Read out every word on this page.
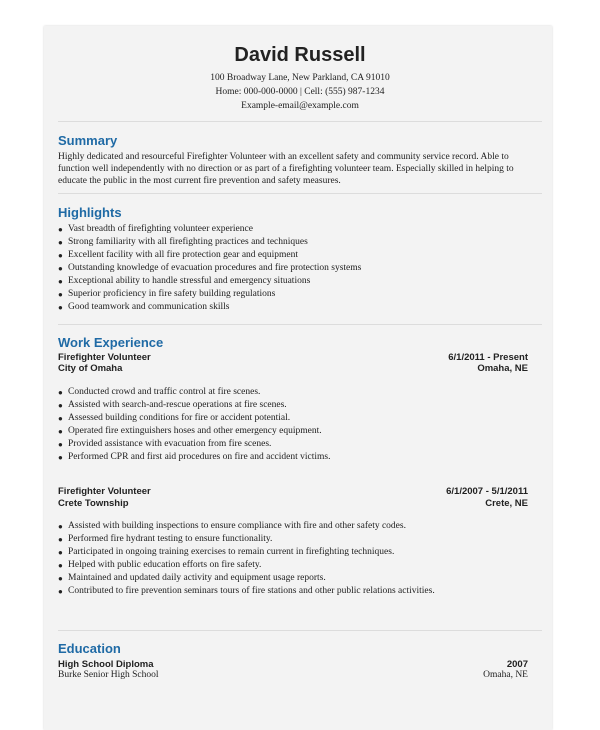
David Russell
100 Broadway Lane, New Parkland, CA 91010
Home: 000-000-0000 | Cell: (555) 987-1234
Example-email@example.com
Summary

Highly dedicated and resourceful Firefighter Volunteer with an excellent safety and community service record. Able to function well independently with no direction or as part of a firefighting volunteer team. Especially skilled in helping to educate the public in the most current fire prevention and safety measures.

Highlights
● Vast breadth of firefighting volunteer experience
● Strong familiarity with all firefighting practices and techniques
● Excellent facility with all fire protection gear and equipment
● Outstanding knowledge of evacuation procedures and fire protection systems
● Exceptional ability to handle stressful and emergency situations
● Superior proficiency in fire safety building regulations
● Good teamwork and communication skills
Work Experience
Firefighter Volunteer	6/1/2011 - Present
City of Omaha	Omaha, NE
● Conducted crowd and traffic control at fire scenes.
● Assisted with search-and-rescue operations at fire scenes.
● Assessed building conditions for fire or accident potential.
● Operated fire extinguishers hoses and other emergency equipment.
● Provided assistance with evacuation from fire scenes.
● Performed CPR and first aid procedures on fire and accident victims.
Firefighter Volunteer	6/1/2007 - 5/1/2011
Crete Township	Crete, NE
● Assisted with building inspections to ensure compliance with fire and other safety codes.
● Performed fire hydrant testing to ensure functionality.
● Participated in ongoing training exercises to remain current in firefighting techniques.
● Helped with public education efforts on fire safety.
● Maintained and updated daily activity and equipment usage reports.
● Contributed to fire prevention seminars tours of fire stations and other public relations activities.
Education
High School Diploma	2007
Burke Senior High School	Omaha, NE
